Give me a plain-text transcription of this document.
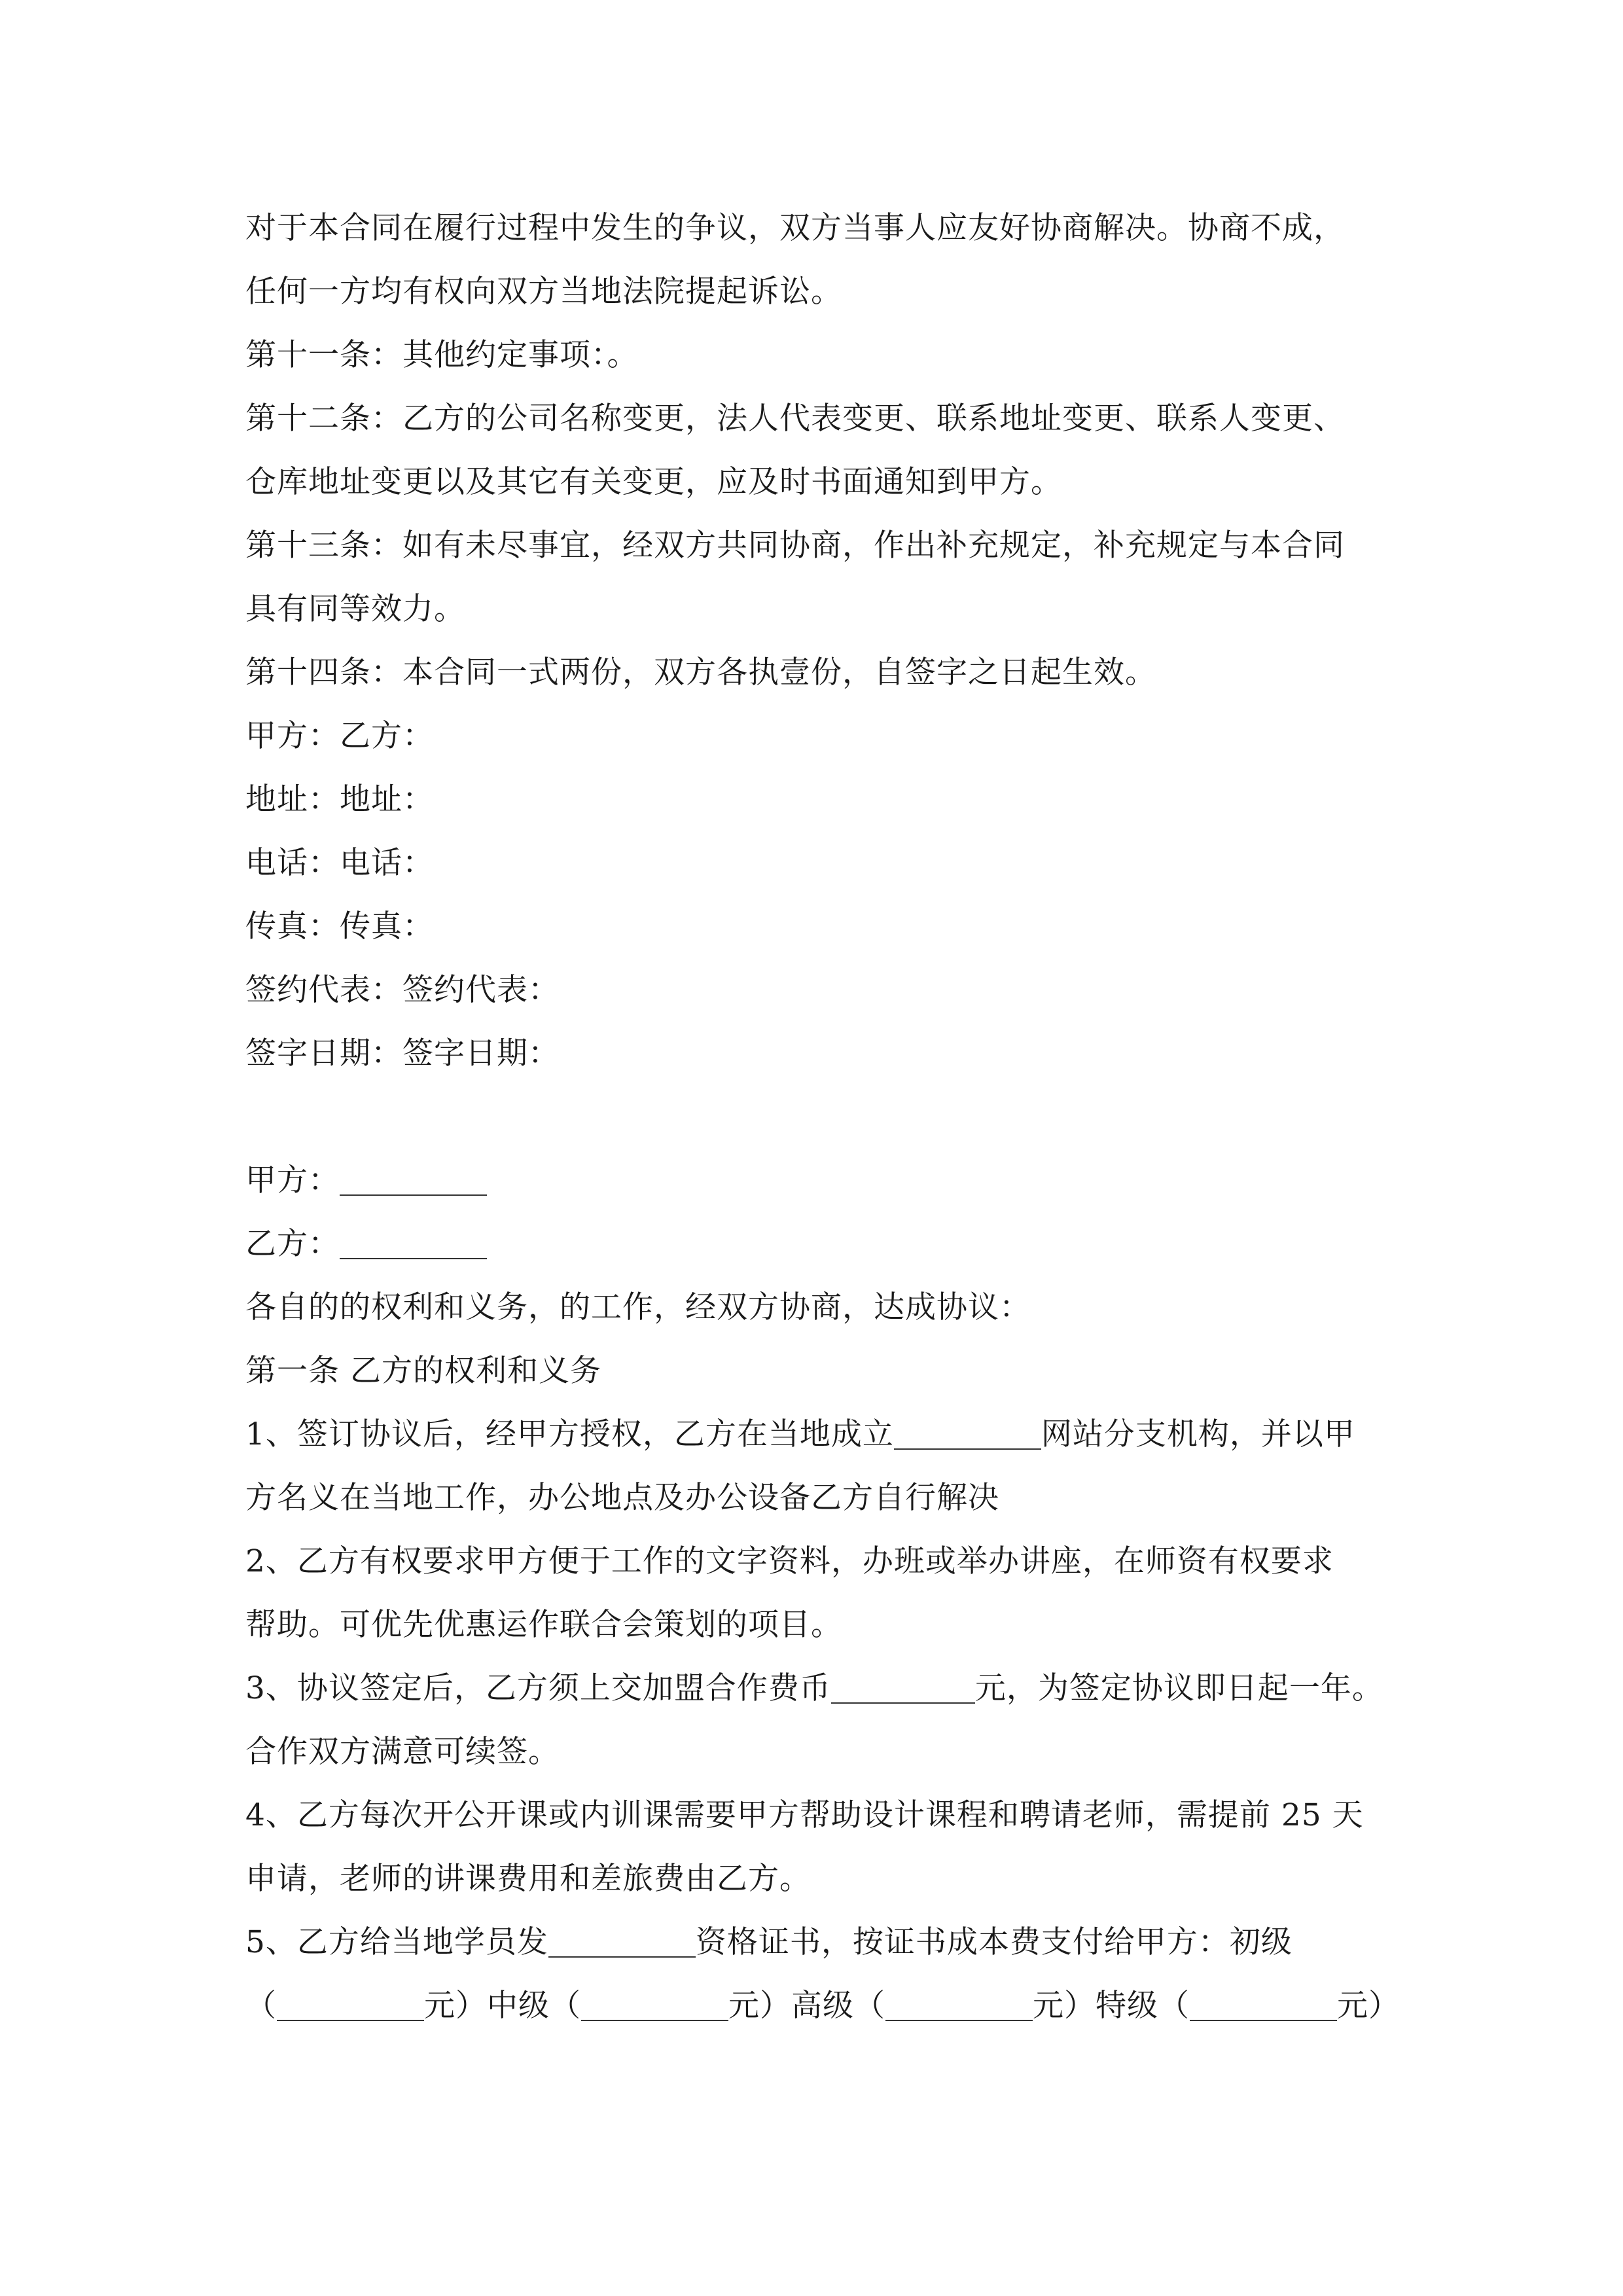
对于本合同在履行过程中发生的争议，双方当事人应友好协商解决。协商不成，
任何一方均有权向双方当地法院提起诉讼。
第十一条：其他约定事项：。
第十二条：乙方的公司名称变更，法人代表变更、联系地址变更、联系人变更、
仓库地址变更以及其它有关变更，应及时书面通知到甲方。
第十三条：如有未尽事宜，经双方共同协商，作出补充规定，补充规定与本合同
具有同等效力。
第十四条：本合同一式两份，双方各执壹份，自签字之日起生效。
甲方：乙方：
地址：地址：
电话：电话：
传真：传真：
签约代表：签约代表：
签字日期：签字日期：
甲方：
乙方：
各自的的权利和义务，的工作，经双方协商，达成协议：
第一条 乙方的权利和义务
1、签订协议后，经甲方授权，乙方在当地成立	网站分支机构，并以甲
方名义在当地工作，办公地点及办公设备乙方自行解决
2、乙方有权要求甲方便于工作的文字资料，办班或举办讲座，在师资有权要求
帮助。可优先优惠运作联合会策划的项目。
3、协议签定后，乙方须上交加盟合作费币	元，为签定协议即日起一年。
合作双方满意可续签。
4、乙方每次开公开课或内训课需要甲方帮助设计课程和聘请老师，需提前 25 天
申请，老师的讲课费用和差旅费由乙方。
5、乙方给当地学员发	资格证书，按证书成本费支付给甲方：初级
（	元）中级（	元）高级（	元）特级（	元）
